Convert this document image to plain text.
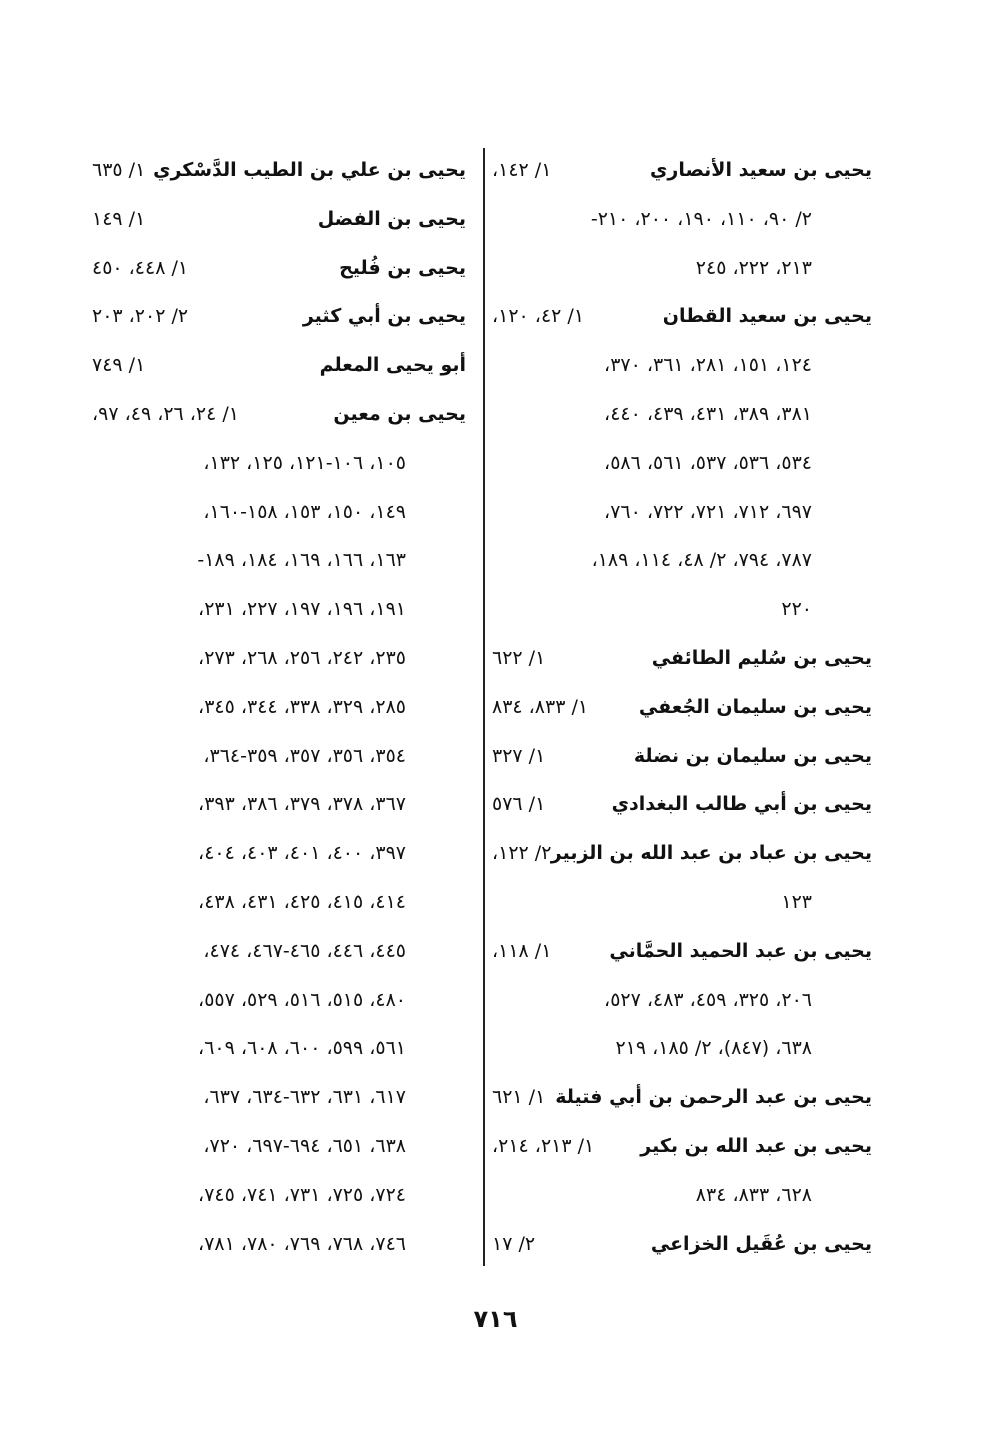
يحيى بن سعيد الأنصاري
١/ ١٤٢،
٢/ ٩٠، ١١٠، ١٩٠، ٢٠٠، ٢١٠-
٢١٣، ٢٢٢، ٢٤٥
يحيى بن سعيد القطان
١/ ٤٢، ١٢٠،
١٢٤، ١٥١، ٢٨١، ٣٦١، ٣٧٠،
٣٨١، ٣٨٩، ٤٣١، ٤٣٩، ٤٤٠،
٥٣٤، ٥٣٦، ٥٣٧، ٥٦١، ٥٨٦،
٦٩٧، ٧١٢، ٧٢١، ٧٢٢، ٧٦٠،
٧٨٧، ٧٩٤، ٢/ ٤٨، ١١٤، ١٨٩،
٢٢٠
يحيى بن سُليم الطائفي
١/ ٦٢٢
يحيى بن سليمان الجُعفي
١/ ٨٣٣، ٨٣٤
يحيى بن سليمان بن نضلة
١/ ٣٢٧
يحيى بن أبي طالب البغدادي
١/ ٥٧٦
يحيى بن عباد بن عبد الله بن الزبير
٢/ ١٢٢،
١٢٣
يحيى بن عبد الحميد الحمَّاني
١/ ١١٨،
٢٠٦، ٣٢٥، ٤٥٩، ٤٨٣، ٥٢٧،
٦٣٨، (٨٤٧)، ٢/ ١٨٥، ٢١٩
يحيى بن عبد الرحمن بن أبي فتيلة
١/ ٦٢١
يحيى بن عبد الله بن بكير
١/ ٢١٣، ٢١٤،
٦٢٨، ٨٣٣، ٨٣٤
يحيى بن عُقَيل الخزاعي
٢/ ١٧
يحيى بن علي بن الطيب الدَّسْكري
١/ ٦٣٥
يحيى بن الفضل
١/ ١٤٩
يحيى بن فُليح
١/ ٤٤٨، ٤٥٠
يحيى بن أبي كثير
٢/ ٢٠٢، ٢٠٣
أبو يحيى المعلم
١/ ٧٤٩
يحيى بن معين
١/ ٢٤، ٢٦، ٤٩، ٩٧،
١٠٥، ١٠٦-١٢١، ١٢٥، ١٣٢،
١٤٩، ١٥٠، ١٥٣، ١٥٨-١٦٠،
١٦٣، ١٦٦، ١٦٩، ١٨٤، ١٨٩-
١٩١، ١٩٦، ١٩٧، ٢٢٧، ٢٣١،
٢٣٥، ٢٤٢، ٢٥٦، ٢٦٨، ٢٧٣،
٢٨٥، ٣٢٩، ٣٣٨، ٣٤٤، ٣٤٥،
٣٥٤، ٣٥٦، ٣٥٧، ٣٥٩-٣٦٤،
٣٦٧، ٣٧٨، ٣٧٩، ٣٨٦، ٣٩٣،
٣٩٧، ٤٠٠، ٤٠١، ٤٠٣، ٤٠٤،
٤١٤، ٤١٥، ٤٢٥، ٤٣١، ٤٣٨،
٤٤٥، ٤٤٦، ٤٦٥-٤٦٧، ٤٧٤،
٤٨٠، ٥١٥، ٥١٦، ٥٢٩، ٥٥٧،
٥٦١، ٥٩٩، ٦٠٠، ٦٠٨، ٦٠٩،
٦١٧، ٦٣١، ٦٣٢-٦٣٤، ٦٣٧،
٦٣٨، ٦٥١، ٦٩٤-٦٩٧، ٧٢٠،
٧٢٤، ٧٢٥، ٧٣١، ٧٤١، ٧٤٥،
٧٤٦، ٧٦٨، ٧٦٩، ٧٨٠، ٧٨١،
٧١٦
